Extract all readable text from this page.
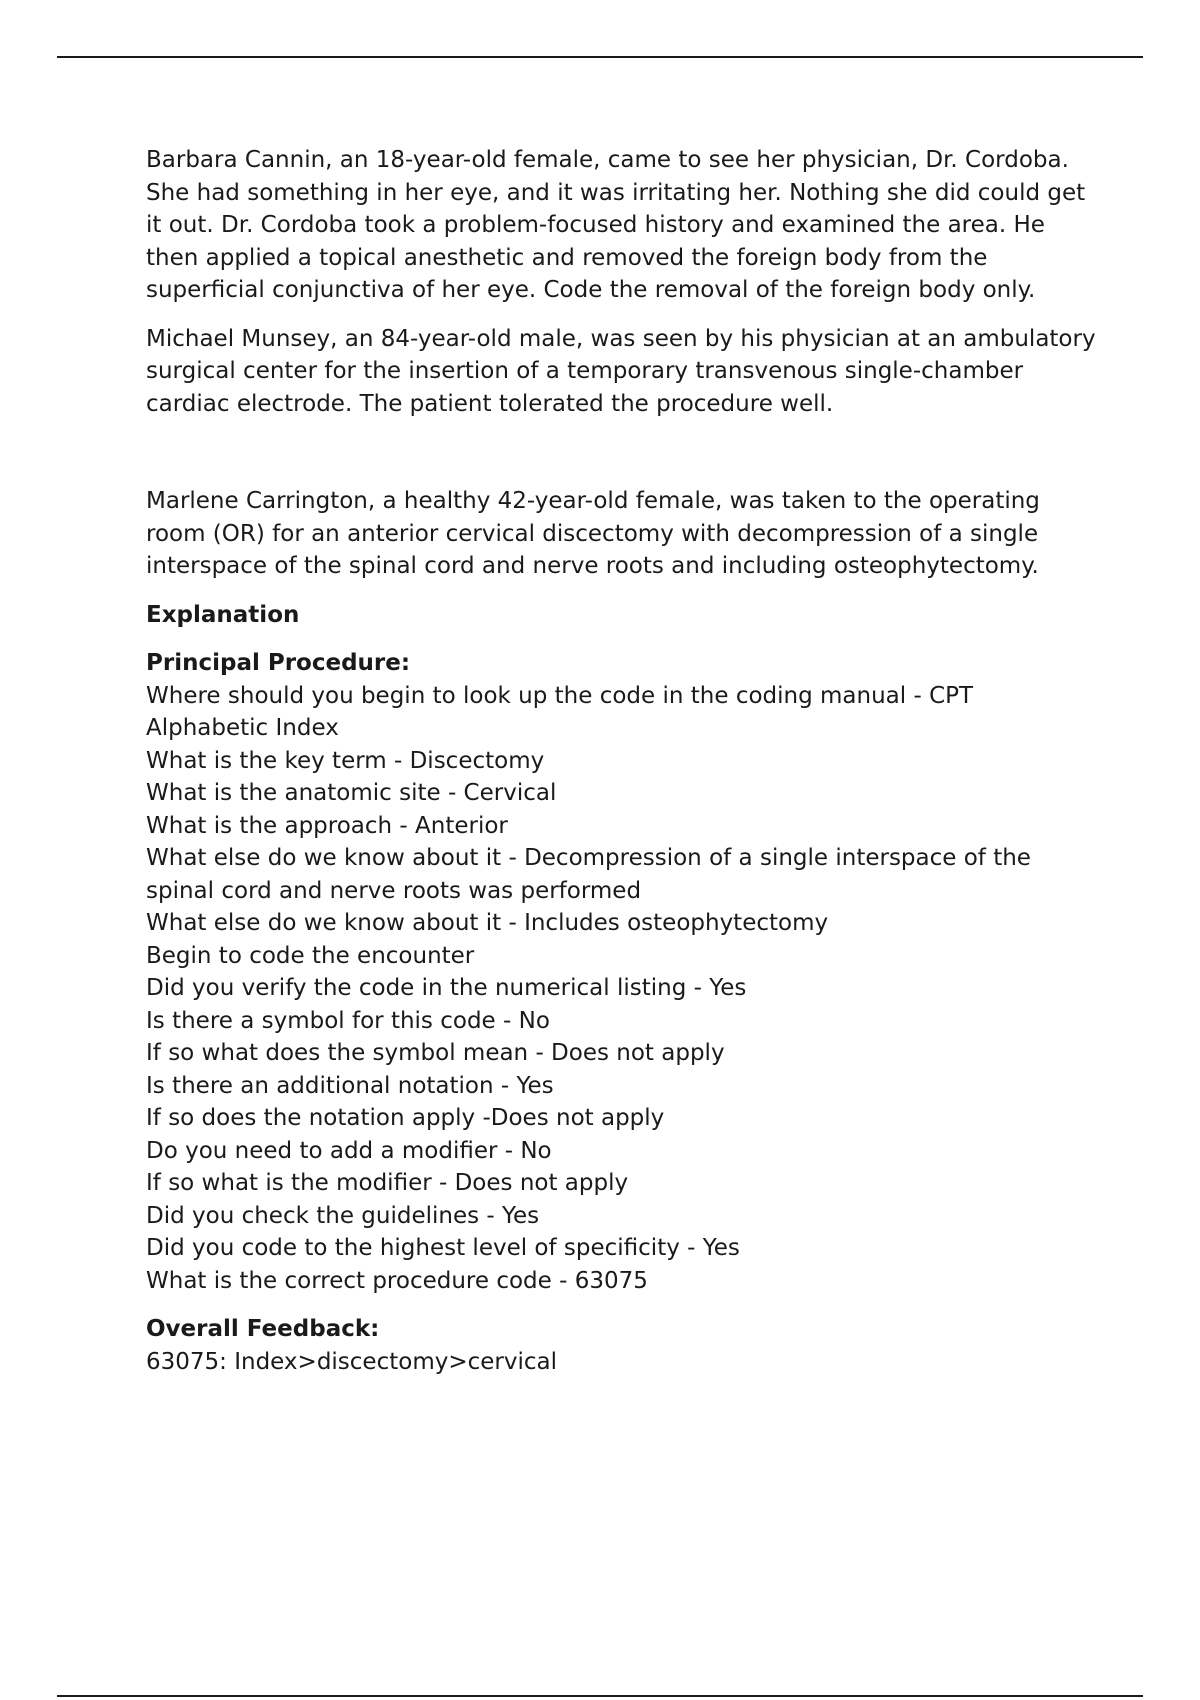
Barbara Cannin, an 18-year-old female, came to see her physician, Dr. Cordoba. She had something in her eye, and it was irritating her. Nothing she did could get it out. Dr. Cordoba took a problem-focused history and examined the area. He then applied a topical anesthetic and removed the foreign body from the superficial conjunctiva of her eye. Code the removal of the foreign body only.

Michael Munsey, an 84-year-old male, was seen by his physician at an ambulatory surgical center for the insertion of a temporary transvenous single-chamber cardiac electrode. The patient tolerated the procedure well.

Marlene Carrington, a healthy 42-year-old female, was taken to the operating room (OR) for an anterior cervical discectomy with decompression of a single interspace of the spinal cord and nerve roots and including osteophytectomy.

Explanation

Principal Procedure:
Where should you begin to look up the code in the coding manual - CPT Alphabetic Index
What is the key term - Discectomy
What is the anatomic site - Cervical
What is the approach - Anterior
What else do we know about it - Decompression of a single interspace of the spinal cord and nerve roots was performed
What else do we know about it - Includes osteophytectomy
Begin to code the encounter
Did you verify the code in the numerical listing - Yes
Is there a symbol for this code - No
If so what does the symbol mean - Does not apply
Is there an additional notation - Yes
If so does the notation apply -Does not apply
Do you need to add a modifier - No
If so what is the modifier - Does not apply
Did you check the guidelines - Yes
Did you code to the highest level of specificity - Yes
What is the correct procedure code - 63075
Overall Feedback:
63075: Index>discectomy>cervical
